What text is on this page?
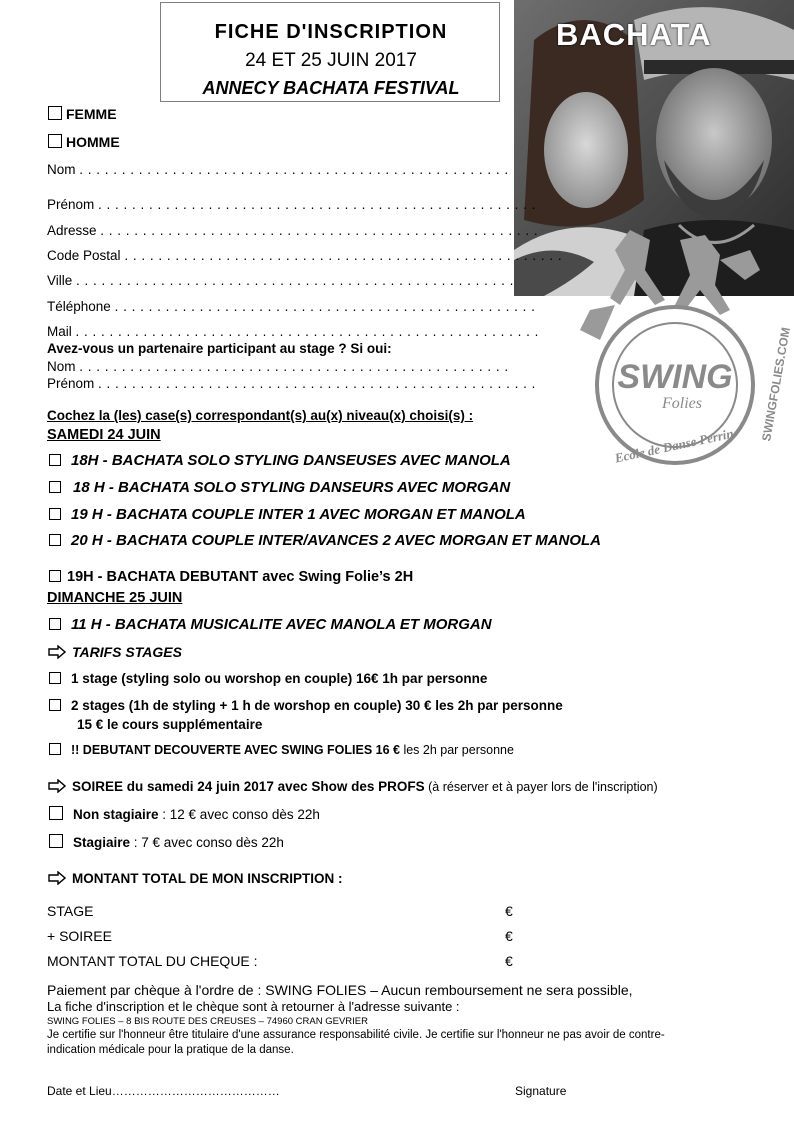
FICHE D'INSCRIPTION
24 ET 25 JUIN 2017
ANNECY BACHATA FESTIVAL
BACHATA
SWING
Folies
Ecole de Danse Perrin
SWINGFOLIES.COM
FEMME
HOMME
Nom . . . . . . . . . . . . . . . . . . . . . . . . . . . . . . . . . . . . . . . . . . . . . . . . . . .
Prénom . . . . . . . . . . . . . . . . . . . . . . . . . . . . . . . . . . . . . . . . . . . . . . . . . . . .
Adresse . . . . . . . . . . . . . . . . . . . . . . . . . . . . . . . . . . . . . . . . . . . . . . . . . . . .
Code Postal . . . . . . . . . . . . . . . . . . . . . . . . . . . . . . . . . . . . . . . . . . . . . . . . . . . .
Ville . . . . . . . . . . . . . . . . . . . . . . . . . . . . . . . . . . . . . . . . . . . . . . . . . . . .
Téléphone . . . . . . . . . . . . . . . . . . . . . . . . . . . . . . . . . . . . . . . . . . . . . . . . . .
Mail . . . . . . . . . . . . . . . . . . . . . . . . . . . . . . . . . . . . . . . . . . . . . . . . . . . . . . .
Avez-vous un partenaire participant au stage ? Si oui:
Nom . . . . . . . . . . . . . . . . . . . . . . . . . . . . . . . . . . . . . . . . . . . . . . . . . . .
Prénom . . . . . . . . . . . . . . . . . . . . . . . . . . . . . . . . . . . . . . . . . . . . . . . . . . . .
Cochez la (les) case(s) correspondant(s) au(x) niveau(x) choisi(s) :
SAMEDI 24 JUIN
18H - BACHATA SOLO STYLING DANSEUSES AVEC MANOLA
18 H - BACHATA SOLO STYLING DANSEURS AVEC MORGAN
19 H - BACHATA COUPLE INTER 1 AVEC MORGAN ET MANOLA
20 H - BACHATA COUPLE INTER/AVANCES 2 AVEC MORGAN ET MANOLA
19H - BACHATA DEBUTANT avec Swing Folie’s 2H
DIMANCHE 25 JUIN
11 H - BACHATA MUSICALITE AVEC MANOLA ET MORGAN
TARIFS STAGES
1 stage (styling solo ou worshop en couple) 16€ 1h par personne
2 stages (1h de styling + 1 h de worshop en couple) 30 € les 2h par personne
15 € le cours supplémentaire
!! DEBUTANT DECOUVERTE AVEC SWING FOLIES 16 € les 2h par personne
SOIREE du samedi 24 juin 2017 avec Show des PROFS (à réserver et à payer lors de l'inscription)
Non stagiaire : 12 € avec conso dès 22h
Stagiaire : 7 € avec conso dès 22h
MONTANT TOTAL DE MON INSCRIPTION :
STAGE	€
+ SOIREE	€
MONTANT TOTAL DU CHEQUE :	€
Paiement par chèque à l'ordre de : SWING FOLIES – Aucun remboursement ne sera possible,
La fiche d'inscription et le chèque sont à retourner à l'adresse suivante :
SWING FOLIES – 8 BIS ROUTE DES CREUSES – 74960 CRAN GEVRIER
Je certifie sur l'honneur être titulaire d'une assurance responsabilité civile. Je certifie sur l'honneur ne pas avoir de contre-
indication médicale pour la pratique de la danse.
Date et Lieu……………………………………	Signature
